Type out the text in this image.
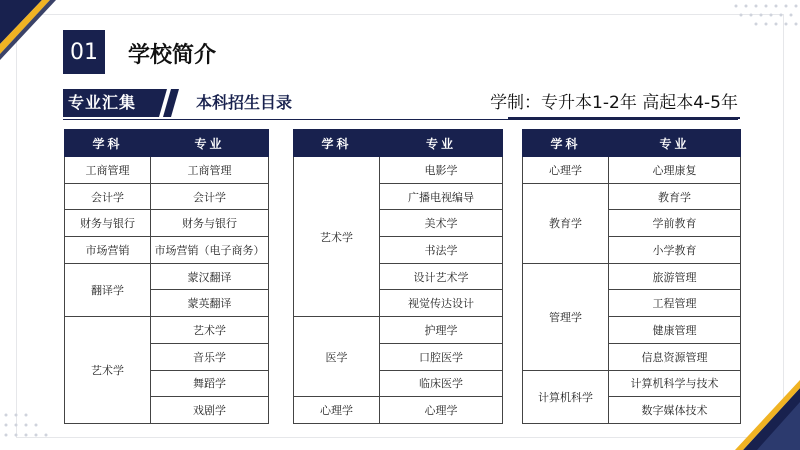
01	学校简介
专业汇集	本科招生目录	学制：专升本1-2年 高起本4-5年
学科	专业
工商管理	工商管理
会计学	会计学
财务与银行	财务与银行
市场营销	市场营销（电子商务）
翻译学	蒙汉翻译
	蒙英翻译
艺术学	艺术学
	音乐学
	舞蹈学
	戏剧学
学科	专业
艺术学	电影学
	广播电视编导
	美术学
	书法学
	设计艺术学
	视觉传达设计
医学	护理学
	口腔医学
	临床医学
心理学	心理学
学科	专业
心理学	心理康复
教育学	教育学
	学前教育
	小学教育
管理学	旅游管理
	工程管理
	健康管理
	信息资源管理
计算机科学	计算机科学与技术
	数字媒体技术
